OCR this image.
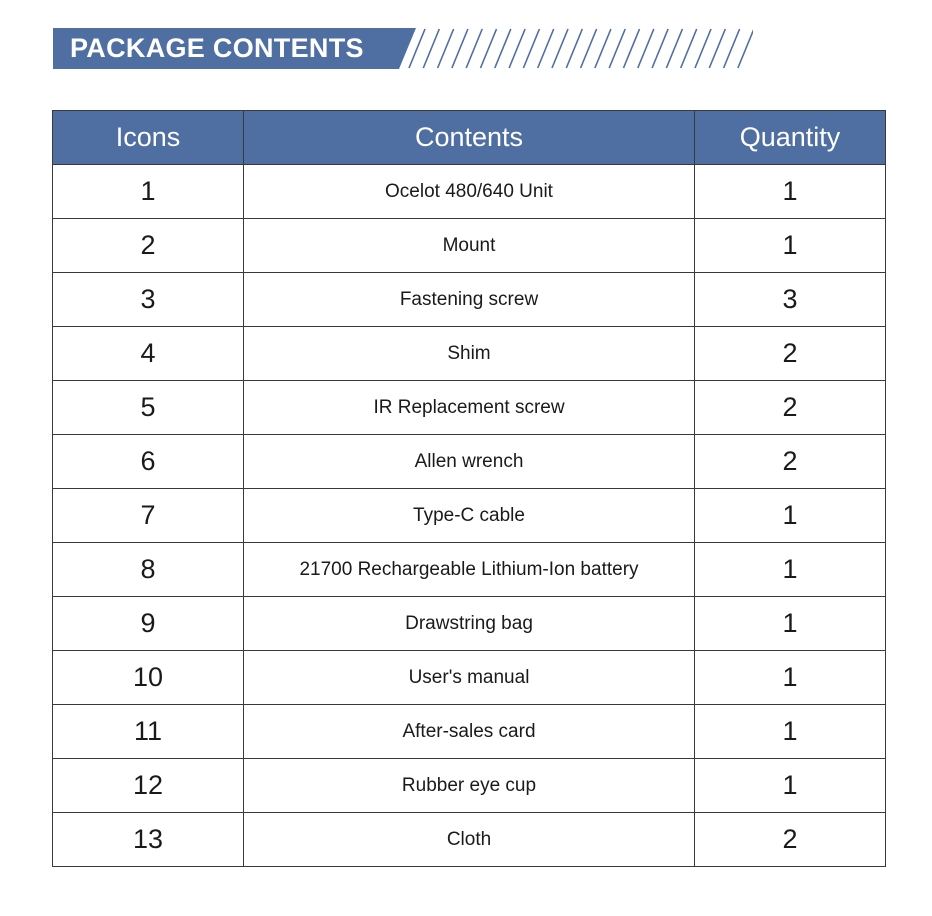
PACKAGE CONTENTS
Icons	Contents	Quantity
1	Ocelot 480/640 Unit	1
2	Mount	1
3	Fastening screw	3
4	Shim	2
5	IR Replacement screw	2
6	Allen wrench	2
7	Type-C cable	1
8	21700 Rechargeable Lithium-Ion battery	1
9	Drawstring bag	1
10	User's manual	1
11	After-sales card	1
12	Rubber eye cup	1
13	Cloth	2
